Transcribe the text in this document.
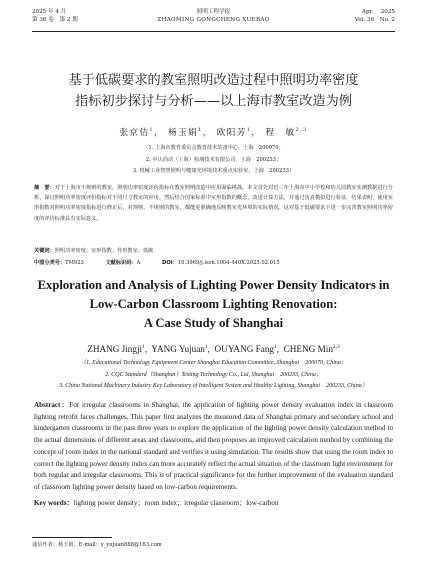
2025 年 4 月
第 36 卷　第 2 期
照明工程学报
ZHAOMING GONGCHENG XUEBAO
Apr.　 2025
Vol. 36　No. 2
基于低碳要求的教室照明改造过程中照明功率密度
指标初步探讨与分析——以上海市教室改造为例
张京佶$^1$， 杨玉娟$^1$， 欧阳芳$^1$， 程　敏$^{2,3}$
（1. 上海市教育委员会教育技术装备中心，上海　200070；
2. 中认尚动（上海）检测技术有限公司，上海　200233；
3. 机械工业智慧照明与健康光环境技术重点实验室，上海　200233）
摘　要：对于上海市不规则的教室，照明功率密度评价指标在教室照明改造中应用面临挑战。本文首先对近三年上海市中小学校和幼儿园教室实测数据进行分析，探讨照明功率密度评价指标对不同尺寸教室的应用。然后结合国家标准中室形指数的概念，改进计算方法，并通过仿真模拟进行验证。结果表明，使用室形指数对照明功率密度指标进行修正后，对规则、不规则的教室，都能更准确地反映教室光环境的实际情况。这对基于低碳要求下进一步完善教室照明功率密度的评价标准具有实际意义。
关键词：照明功率密度；室形指数；异形教室；低碳
中图分类号：TM923	文献标识码：A	DOI：10.3969/j.issn.1004-440X.2025.02.015
Exploration and Analysis of Lighting Power Density Indicators in
Low-Carbon Classroom Lighting Renovation:
A Case Study of Shanghai
ZHANG Jingji$^1$,  YANG Yujuan$^1$,  OUYANG Fang$^1$,  CHENG Min$^{2,3}$
（1. Educational Technology Equipment Center Shanghai Education Committee, Shanghai　200070, China；
2. CQC Standard（Shanghai）Testing Technology Co., Ltd, Shanghai　200233, China；
3. China National Machinery Industry Key Laboratory of Intelligent System and Healthy Lighting, Shanghai　200233, China）
Abstract：For irregular classrooms in Shanghai, the application of lighting power density evaluation index in classroom lighting retrofit faces challenges. This paper first analyzes the measured data of Shanghai primary and secondary school and kindergarten classrooms in the past three years to explore the application of the lighting power density calculation method to the actual dimensions of different areas and classrooms, and then proposes an improved calculation method by combining the concept of room index in the national standard and verifies it using simulation. The results show that using the room index to correct the lighting power density index can more accurately reflect the actual situation of the classroom light environment for both regular and irregular classrooms. This is of practical significance for the further improvement of the evaluation standard of classroom lighting power density based on low-carbon requirements.
Key words：lighting power density；room index；irregular classroom；low-carbon
通信作者：杨玉娟，E-mail：y_yujuan888@163.com
